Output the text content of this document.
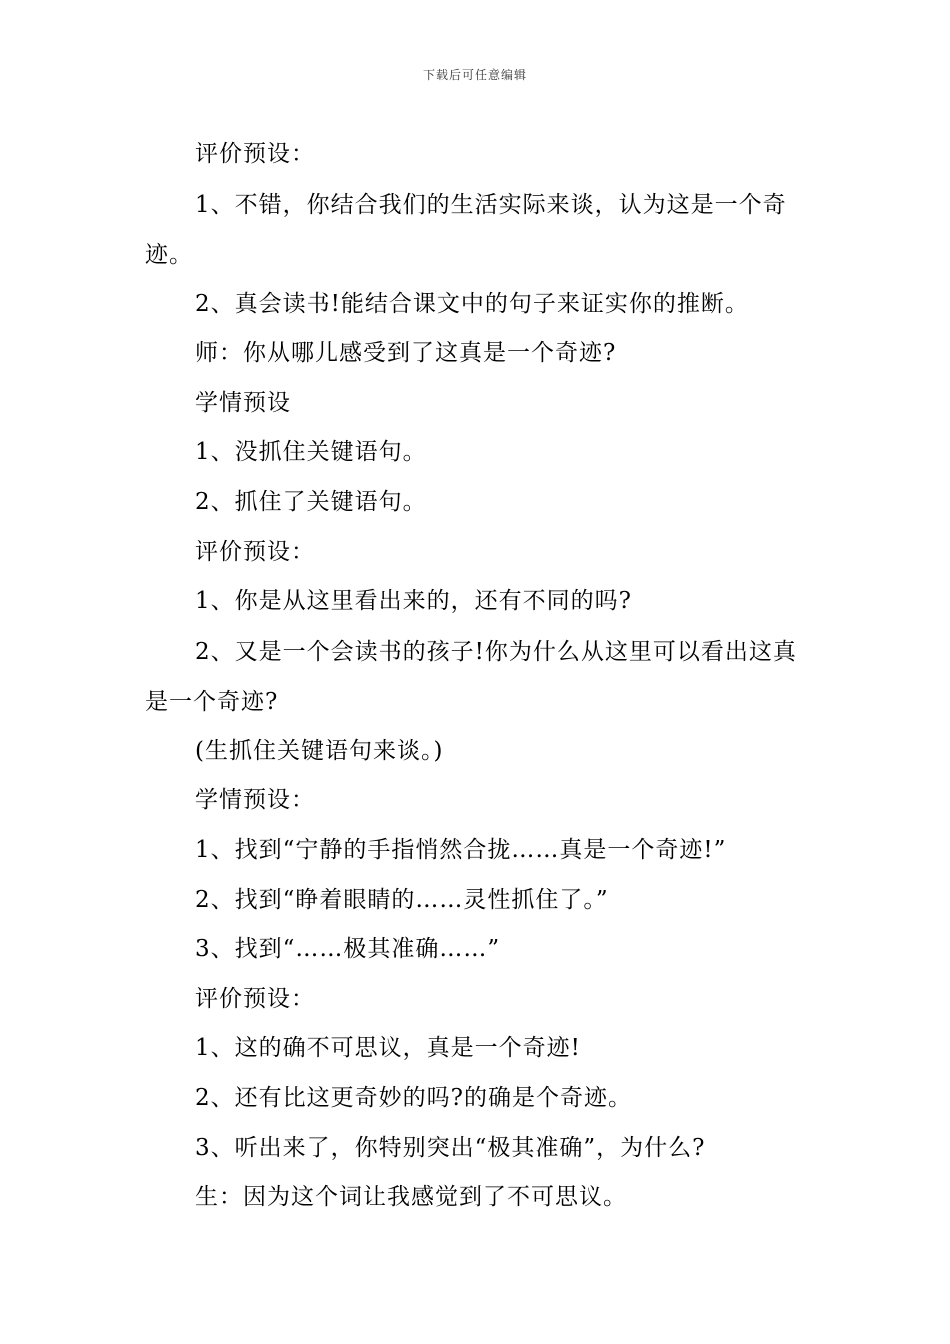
下载后可任意编辑

评价预设：

1、不错，你结合我们的生活实际来谈，认为这是一个奇迹。

2、真会读书!能结合课文中的句子来证实你的推断。

师：你从哪儿感受到了这真是一个奇迹?

学情预设

1、没抓住关键语句。

2、抓住了关键语句。

评价预设：

1、你是从这里看出来的，还有不同的吗?

2、又是一个会读书的孩子!你为什么从这里可以看出这真是一个奇迹?

(生抓住关键语句来谈。)

学情预设：

1、找到“宁静的手指悄然合拢……真是一个奇迹!”

2、找到“睁着眼睛的……灵性抓住了。”

3、找到“……极其准确……”

评价预设：

1、这的确不可思议，真是一个奇迹!

2、还有比这更奇妙的吗?的确是个奇迹。

3、听出来了，你特别突出“极其准确”，为什么?

生：因为这个词让我感觉到了不可思议。
